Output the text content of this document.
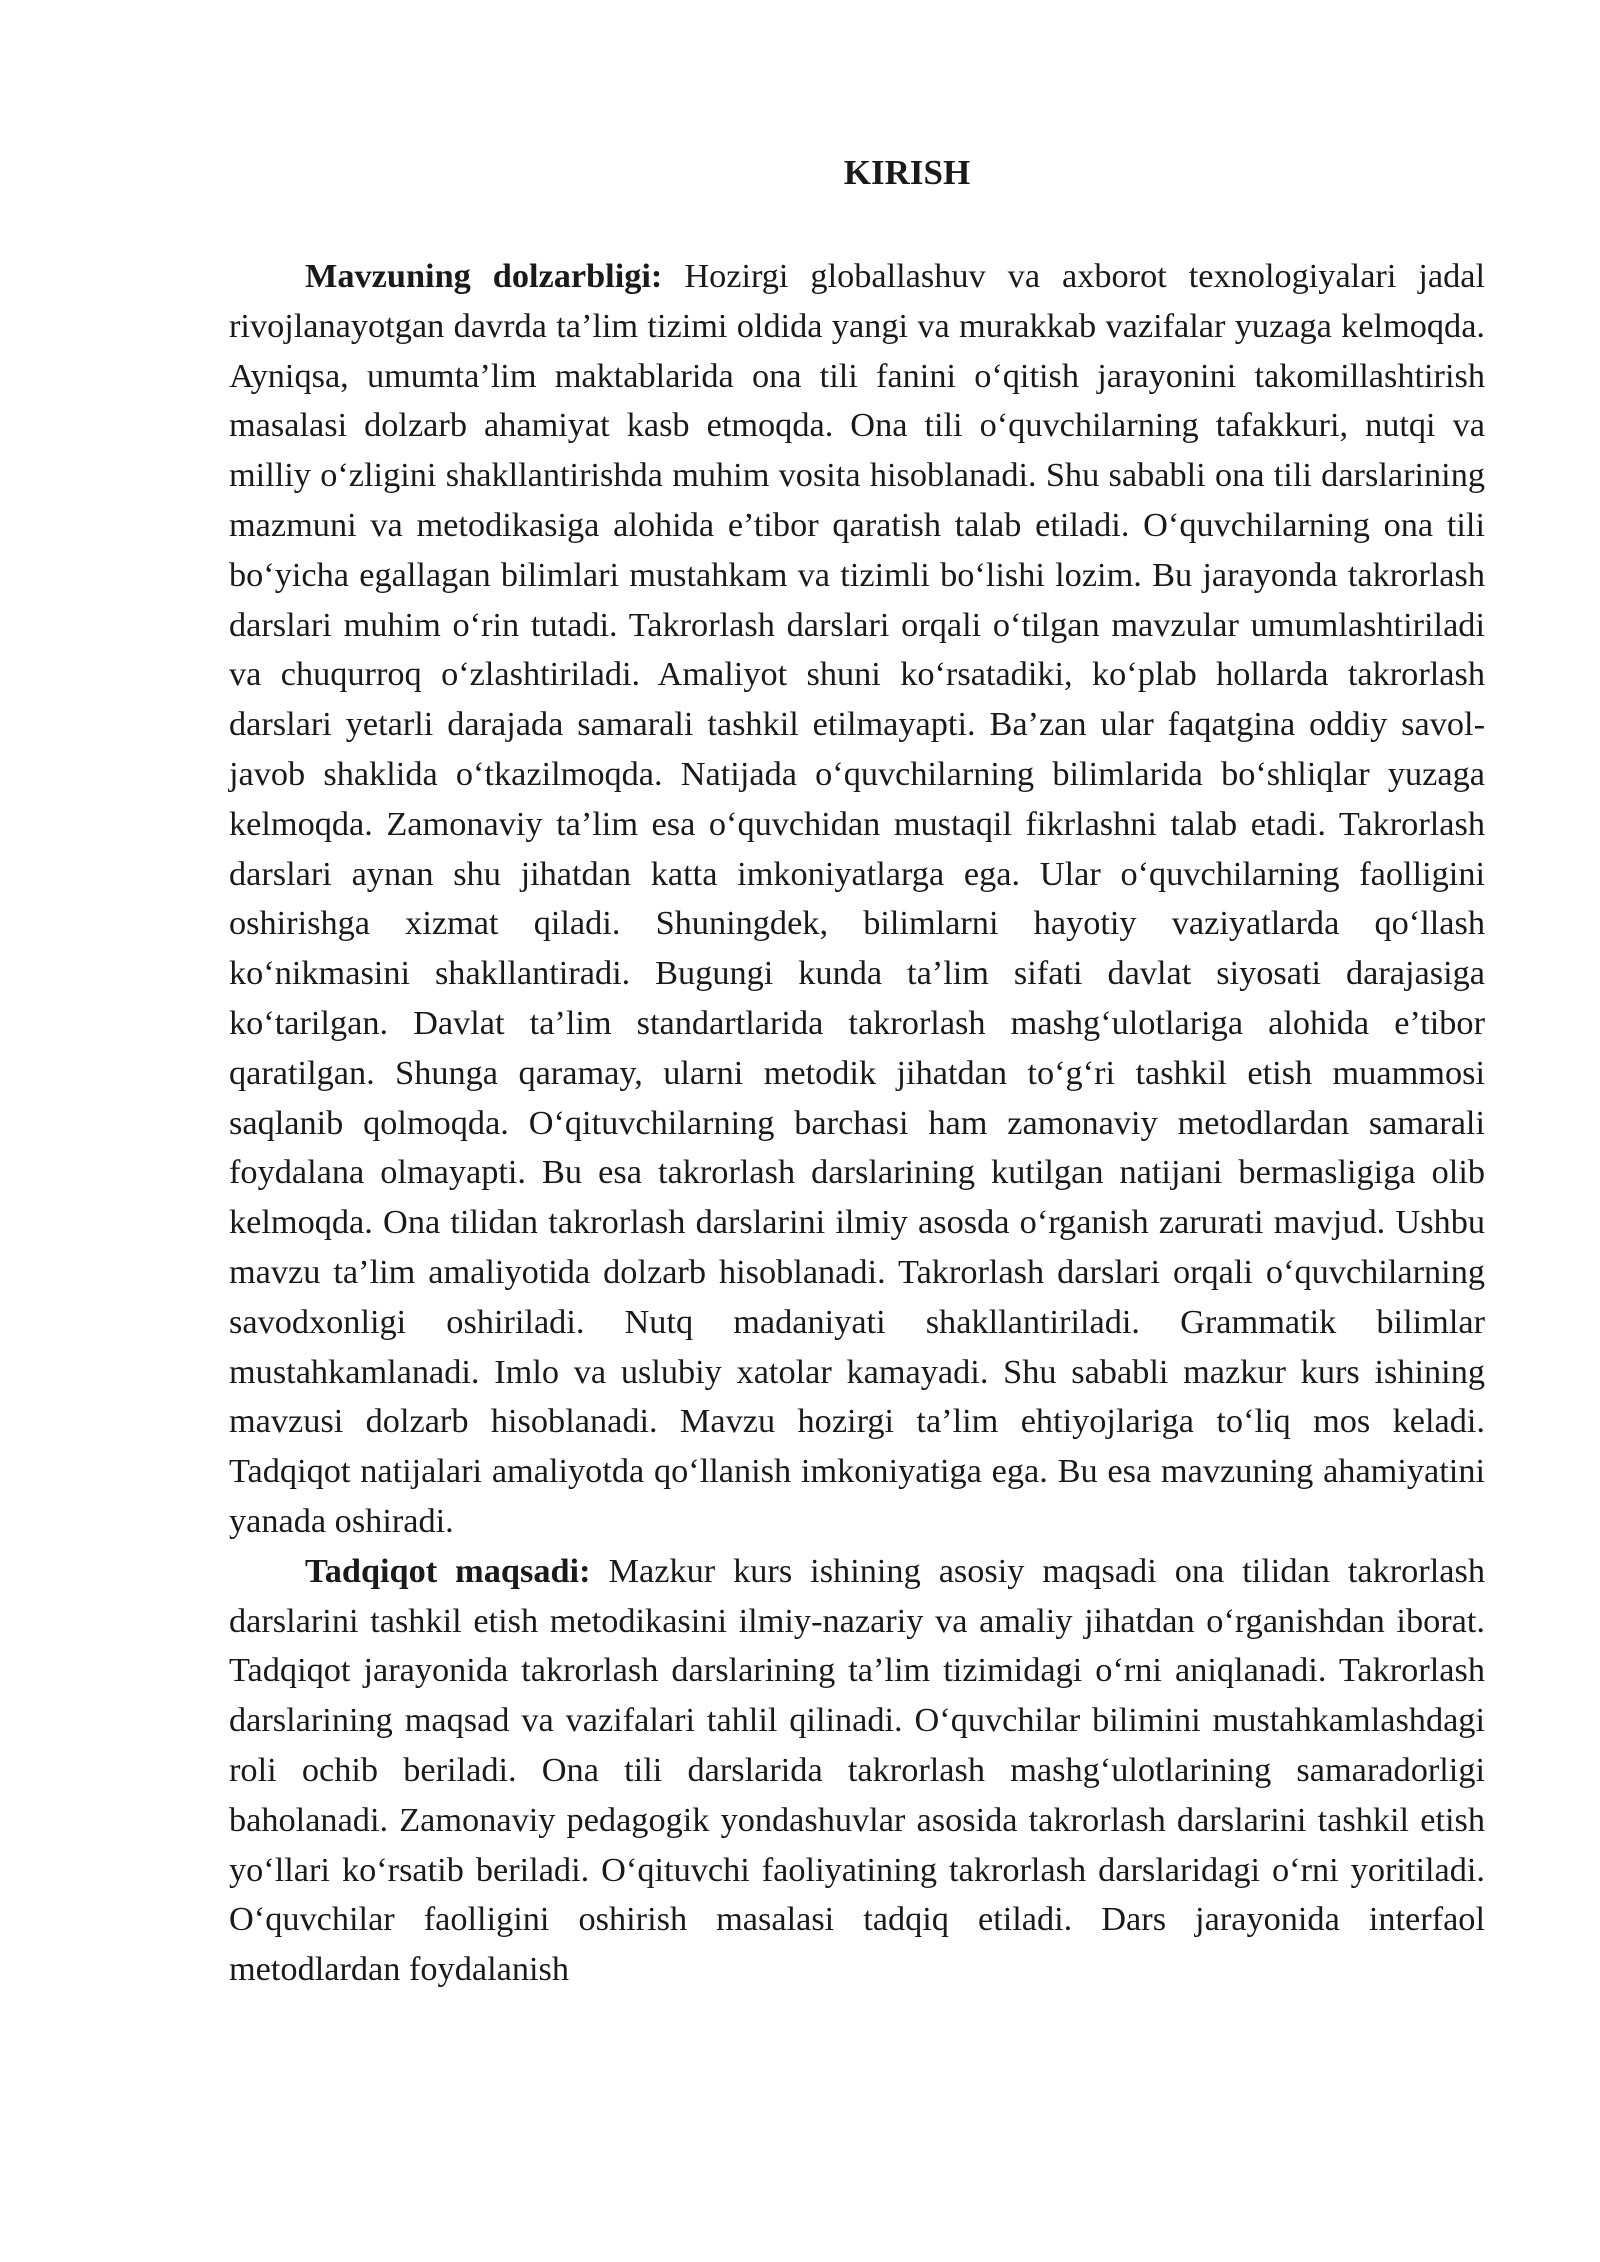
KIRISH

Mavzuning dolzarbligi: Hozirgi globallashuv va axborot texnologiyalari jadal rivojlanayotgan davrda ta’lim tizimi oldida yangi va murakkab vazifalar yuzaga kelmoqda. Ayniqsa, umumta’lim maktablarida ona tili fanini o‘qitish jarayonini takomillashtirish masalasi dolzarb ahamiyat kasb etmoqda. Ona tili o‘quvchilarning tafakkuri, nutqi va milliy o‘zligini shakllantirishda muhim vosita hisoblanadi. Shu sababli ona tili darslarining mazmuni va metodikasiga alohida e’tibor qaratish talab etiladi. O‘quvchilarning ona tili bo‘yicha egallagan bilimlari mustahkam va tizimli bo‘lishi lozim. Bu jarayonda takrorlash darslari muhim o‘rin tutadi. Takrorlash darslari orqali o‘tilgan mavzular umumlashtiriladi va chuqurroq o‘zlashtiriladi. Amaliyot shuni ko‘rsatadiki, ko‘plab hollarda takrorlash darslari yetarli darajada samarali tashkil etilmayapti. Ba’zan ular faqatgina oddiy savol-javob shaklida o‘tkazilmoqda. Natijada o‘quvchilarning bilimlarida bo‘shliqlar yuzaga kelmoqda. Zamonaviy ta’lim esa o‘quvchidan mustaqil fikrlashni talab etadi. Takrorlash darslari aynan shu jihatdan katta imkoniyatlarga ega. Ular o‘quvchilarning faolligini oshirishga xizmat qiladi. Shuningdek, bilimlarni hayotiy vaziyatlarda qo‘llash ko‘nikmasini shakllantiradi. Bugungi kunda ta’lim sifati davlat siyosati darajasiga ko‘tarilgan. Davlat ta’lim standartlarida takrorlash mashg‘ulotlariga alohida e’tibor qaratilgan. Shunga qaramay, ularni metodik jihatdan to‘g‘ri tashkil etish muammosi saqlanib qolmoqda. O‘qituvchilarning barchasi ham zamonaviy metodlardan samarali foydalana olmayapti. Bu esa takrorlash darslarining kutilgan natijani bermasligiga olib kelmoqda. Ona tilidan takrorlash darslarini ilmiy asosda o‘rganish zarurati mavjud. Ushbu mavzu ta’lim amaliyotida dolzarb hisoblanadi. Takrorlash darslari orqali o‘quvchilarning savodxonligi oshiriladi. Nutq madaniyati shakllantiriladi. Grammatik bilimlar mustahkamlanadi. Imlo va uslubiy xatolar kamayadi. Shu sababli mazkur kurs ishining mavzusi dolzarb hisoblanadi. Mavzu hozirgi ta’lim ehtiyojlariga to‘liq mos keladi. Tadqiqot natijalari amaliyotda qo‘llanish imkoniyatiga ega. Bu esa mavzuning ahamiyatini yanada oshiradi.

Tadqiqot maqsadi: Mazkur kurs ishining asosiy maqsadi ona tilidan takrorlash darslarini tashkil etish metodikasini ilmiy-nazariy va amaliy jihatdan o‘rganishdan iborat. Tadqiqot jarayonida takrorlash darslarining ta’lim tizimidagi o‘rni aniqlanadi. Takrorlash darslarining maqsad va vazifalari tahlil qilinadi. O‘quvchilar bilimini mustahkamlashdagi roli ochib beriladi. Ona tili darslarida takrorlash mashg‘ulotlarining samaradorligi baholanadi. Zamonaviy pedagogik yondashuvlar asosida takrorlash darslarini tashkil etish yo‘llari ko‘rsatib beriladi. O‘qituvchi faoliyatining takrorlash darslaridagi o‘rni yoritiladi. O‘quvchilar faolligini oshirish masalasi tadqiq etiladi. Dars jarayonida interfaol metodlardan foydalanish
